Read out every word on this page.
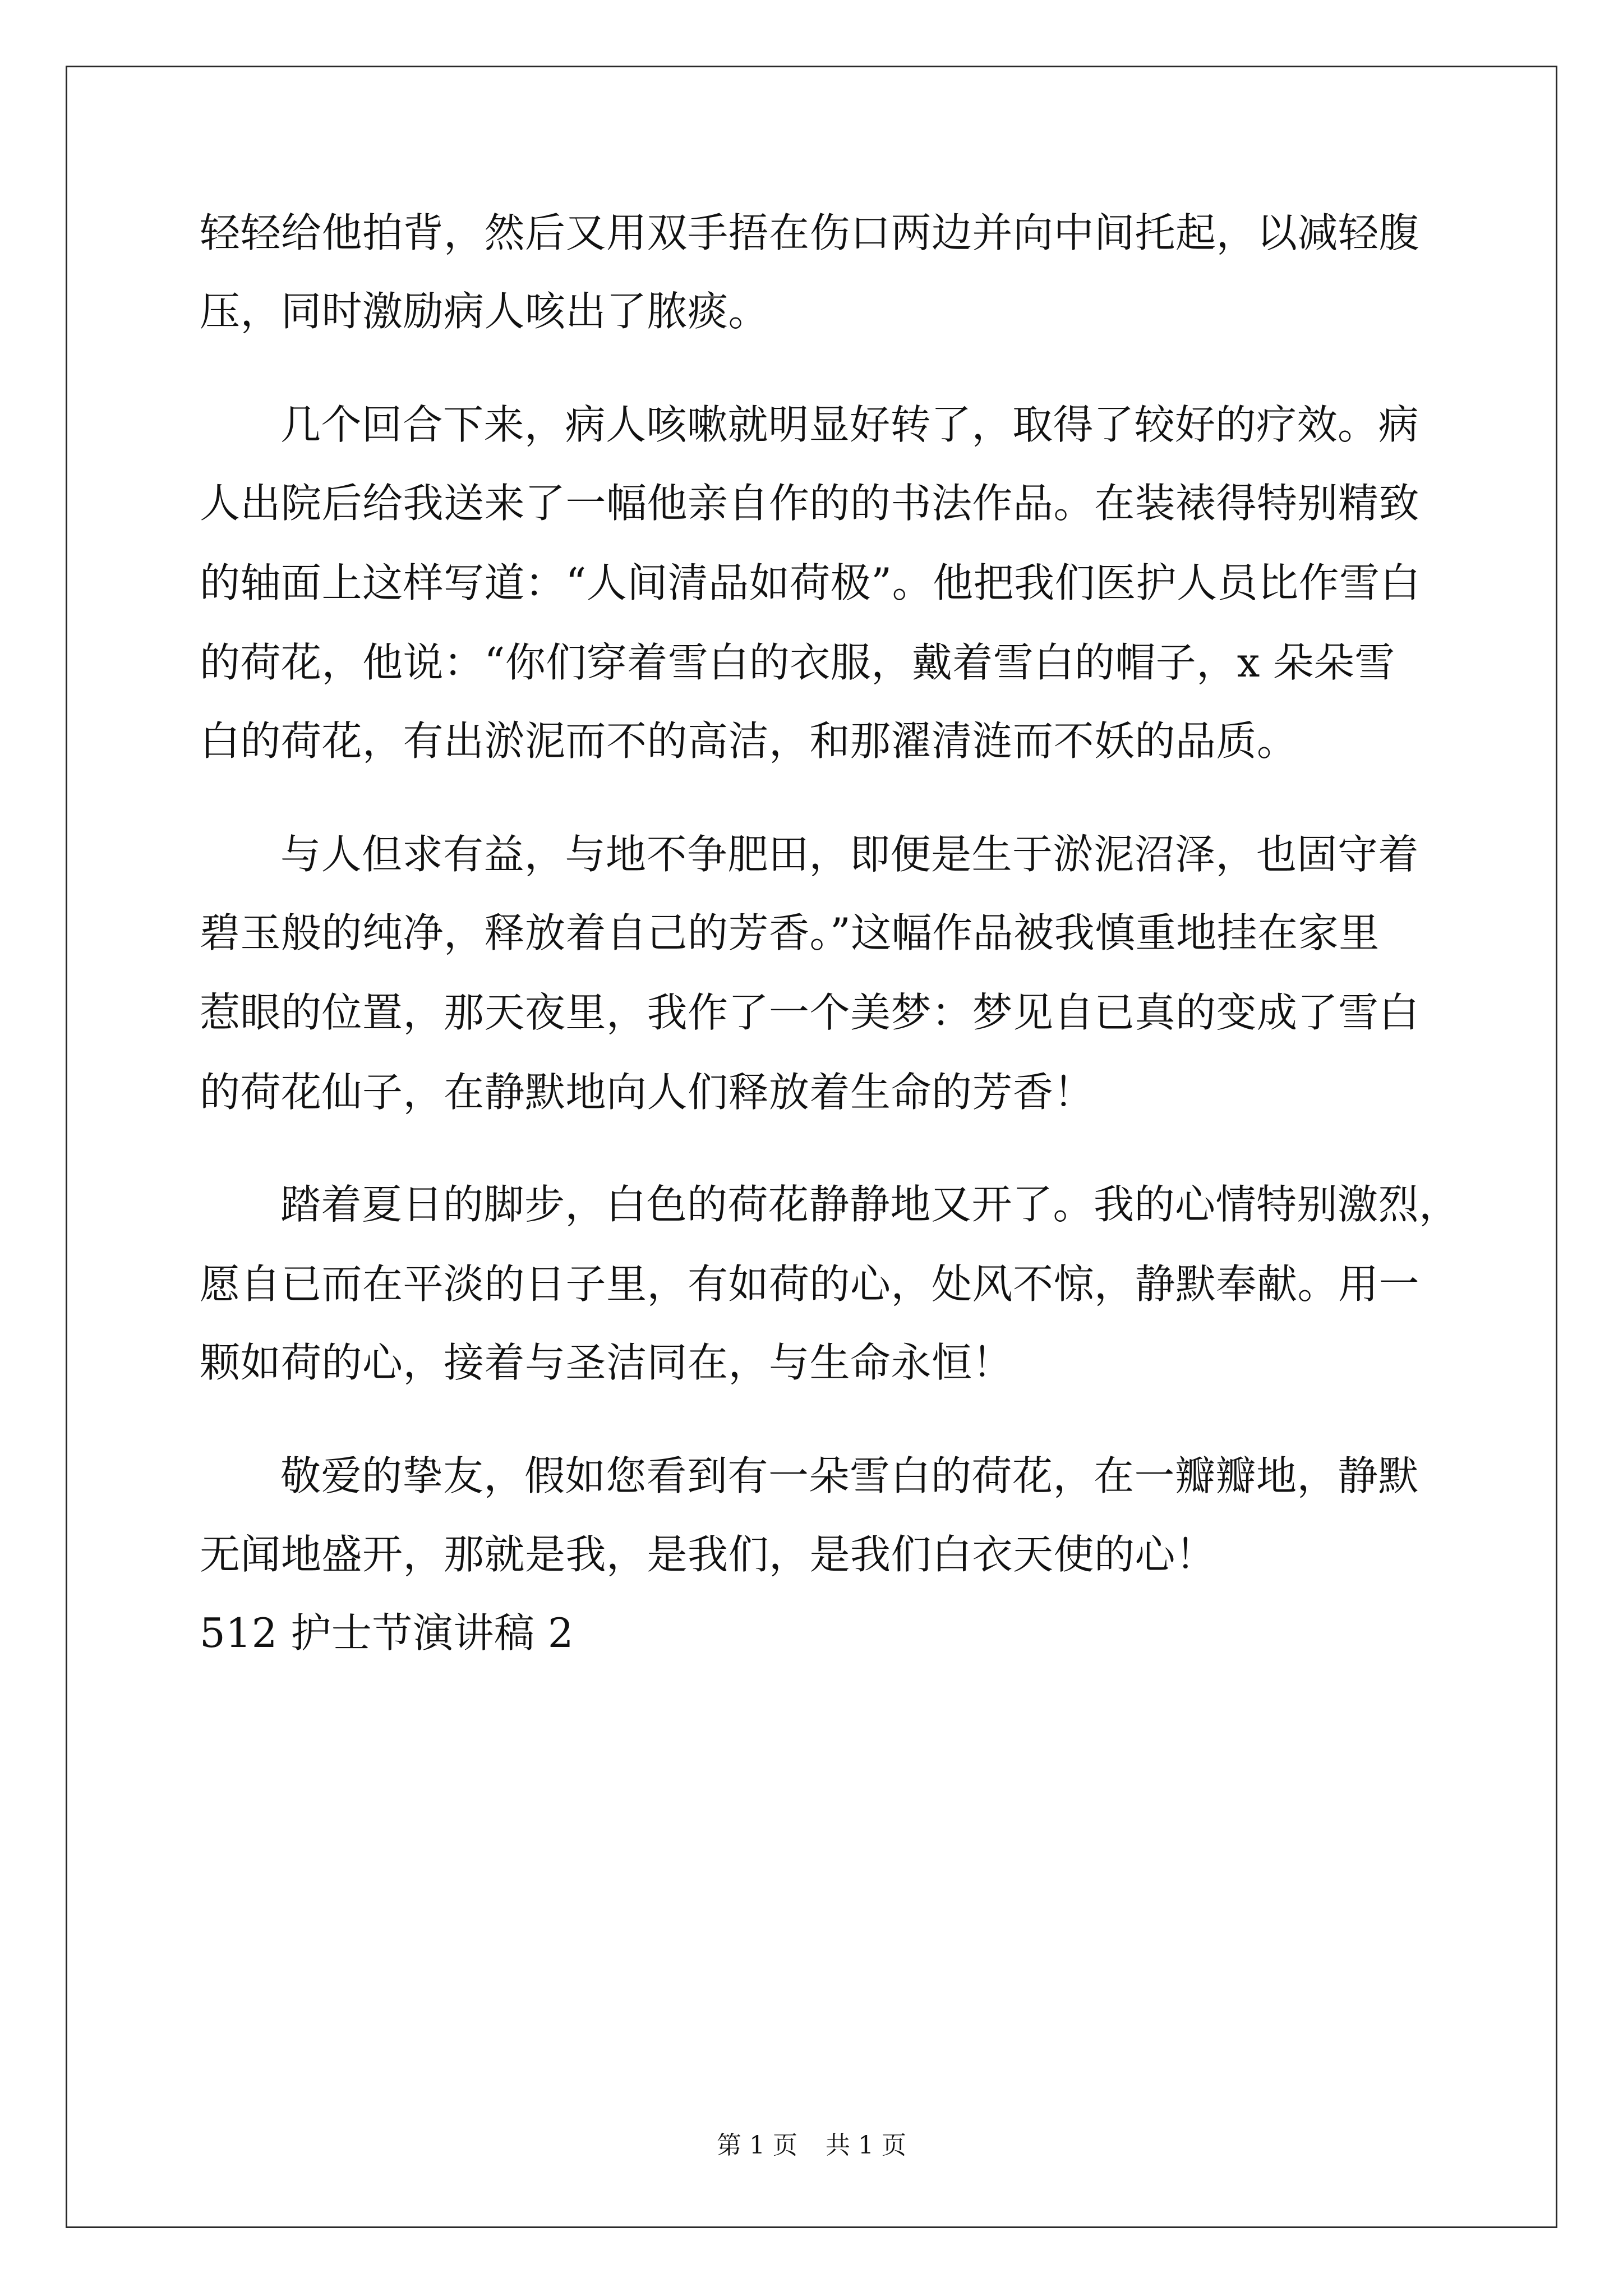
轻轻给他拍背，然后又用双手捂在伤口两边并向中间托起，以减轻腹
压，同时激励病人咳出了脓痰。
几个回合下来，病人咳嗽就明显好转了，取得了较好的疗效。病
人出院后给我送来了一幅他亲自作的的书法作品。在装裱得特别精致
的轴面上这样写道：“人间清品如荷极”。他把我们医护人员比作雪白
的荷花，他说：“你们穿着雪白的衣服，戴着雪白的帽子，x 朵朵雪
白的荷花，有出淤泥而不的高洁，和那濯清涟而不妖的品质。
与人但求有益，与地不争肥田，即便是生于淤泥沼泽，也固守着
碧玉般的纯净，释放着自己的芳香。”这幅作品被我慎重地挂在家里
惹眼的位置，那天夜里，我作了一个美梦：梦见自已真的变成了雪白
的荷花仙子，在静默地向人们释放着生命的芳香！
踏着夏日的脚步，白色的荷花静静地又开了。我的心情特别激烈，
愿自已而在平淡的日子里，有如荷的心，处风不惊，静默奉献。用一
颗如荷的心，接着与圣洁同在，与生命永恒！
敬爱的挚友，假如您看到有一朵雪白的荷花，在一瓣瓣地，静默
无闻地盛开，那就是我，是我们，是我们白衣天使的心！
512 护士节演讲稿 2
第 1 页 共 1 页
